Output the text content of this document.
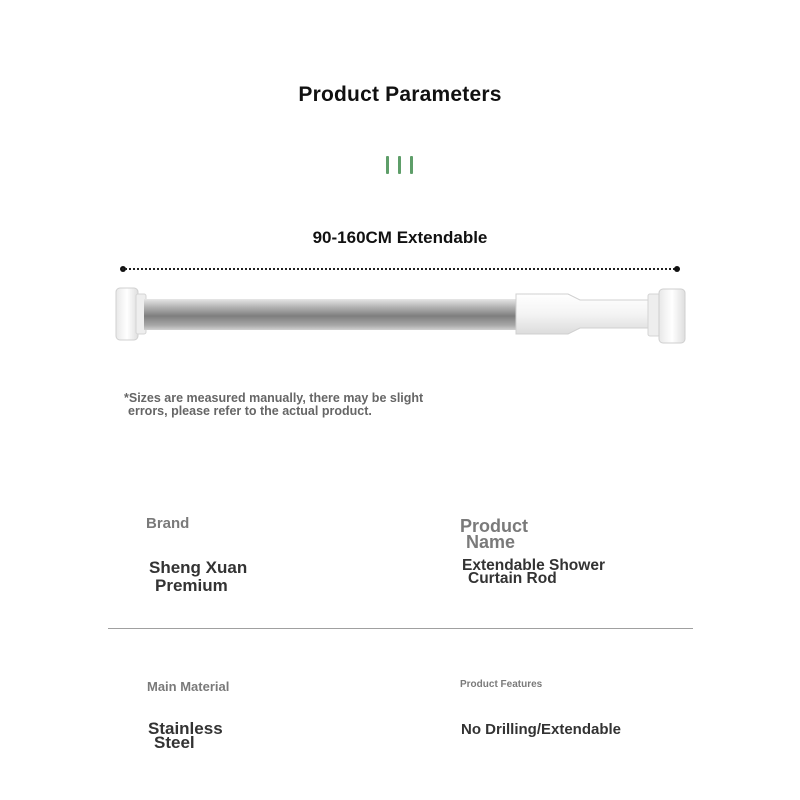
Product Parameters
90-160CM Extendable
*Sizes are measured manually, there may be slight
errors, please refer to the actual product.
Brand
Sheng Xuan
Premium
Product
Name
Extendable Shower
Curtain Rod
Main Material
Stainless
Steel
Product Features
No Drilling/Extendable
